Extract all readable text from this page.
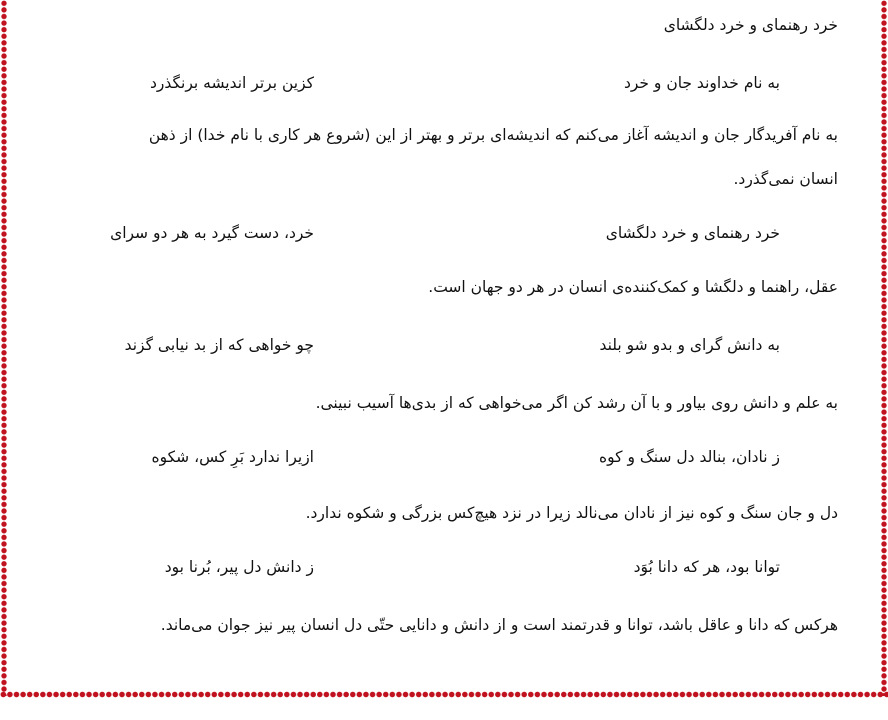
خرد رهنمای و خرد دلگشای
به نام خداوند جان و خرد
کزین برتر اندیشه برنگذرد
به نام آفریدگار جان و اندیشه آغاز می‌کنم که اندیشه‌ای برتر و بهتر از این (شروع هر کاری با نام خدا) از ذهن
انسان نمی‌گذرد.
خرد رهنمای و خرد دلگشای
خرد، دست گیرد به هر دو سرای
عقل، راهنما و دلگشا و کمک‌کننده‌ی انسان در هر دو جهان است.
به دانش گرای و بدو شو بلند
چو خواهی که از بد نیابی گزند
به علم و دانش روی بیاور و با آن رشد کن اگر می‌خواهی که از بدی‌ها آسیب نبینی.
ز نادان، بنالد دل سنگ و کوه
ازیرا ندارد بَرِ کس، شکوه
دل و جان سنگ و کوه نیز از نادان می‌نالد زیرا در نزد هیچ‌کس بزرگی و شکوه ندارد.
توانا بود، هر که دانا بُوَد
ز دانش دل پیر، بُرنا بود
هرکس که دانا و عاقل باشد، توانا و قدرتمند است و از دانش و دانایی حتّی دل انسان پیر نیز جوان می‌ماند.
